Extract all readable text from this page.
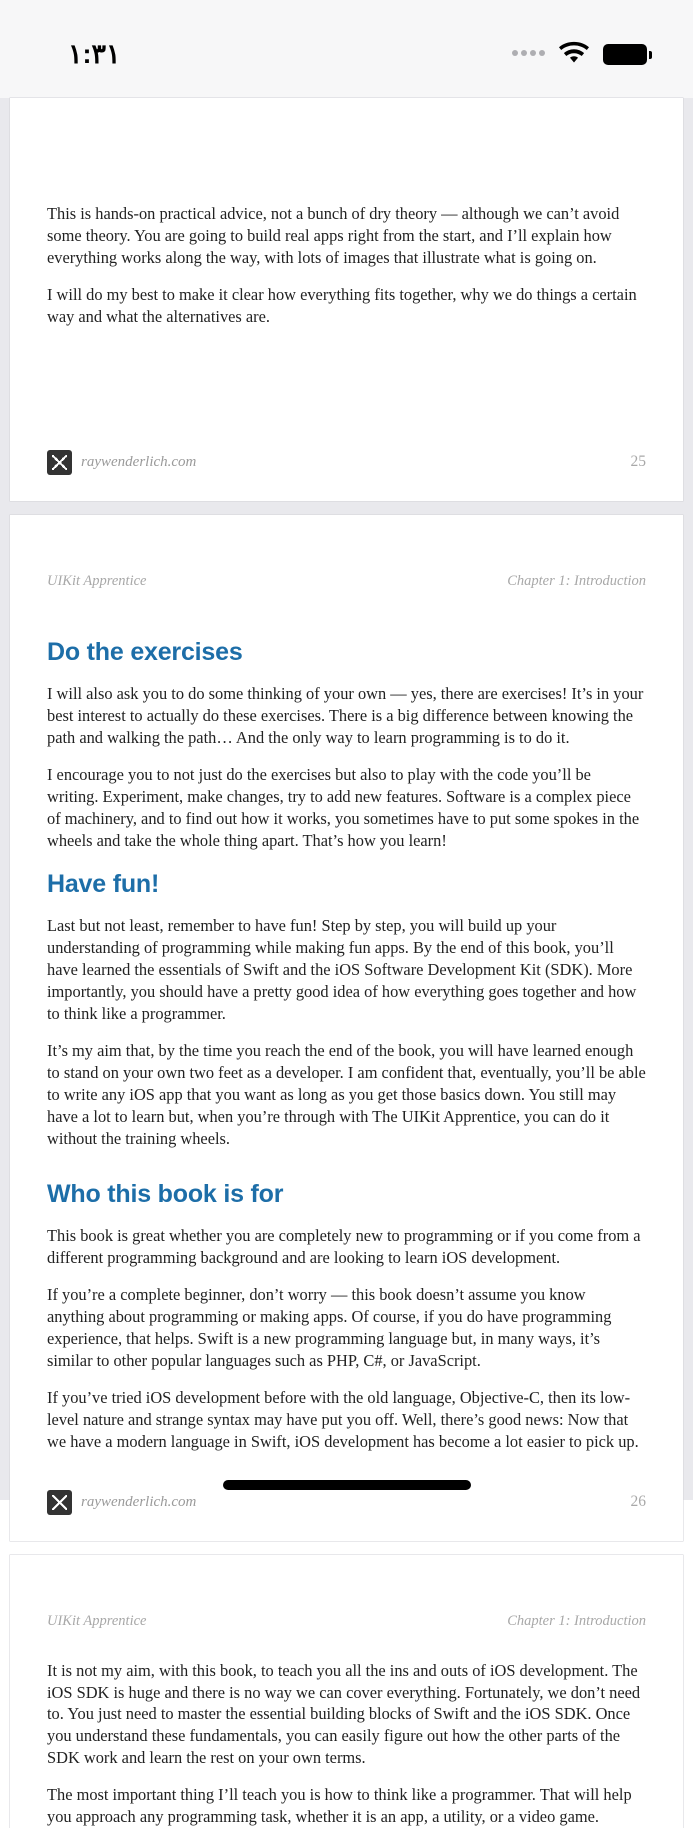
١:٣١

This is hands-on practical advice, not a bunch of dry theory — although we can’t avoid some theory. You are going to build real apps right from the start, and I’ll explain how everything works along the way, with lots of images that illustrate what is going on.

I will do my best to make it clear how everything fits together, why we do things a certain way and what the alternatives are.

raywenderlich.com	25
UIKit Apprentice	Chapter 1: Introduction
Do the exercises

I will also ask you to do some thinking of your own — yes, there are exercises! It’s in your best interest to actually do these exercises. There is a big difference between knowing the path and walking the path… And the only way to learn programming is to do it.

I encourage you to not just do the exercises but also to play with the code you’ll be writing. Experiment, make changes, try to add new features. Software is a complex piece of machinery, and to find out how it works, you sometimes have to put some spokes in the wheels and take the whole thing apart. That’s how you learn!

Have fun!

Last but not least, remember to have fun! Step by step, you will build up your understanding of programming while making fun apps. By the end of this book, you’ll have learned the essentials of Swift and the iOS Software Development Kit (SDK). More importantly, you should have a pretty good idea of how everything goes together and how to think like a programmer.

It’s my aim that, by the time you reach the end of the book, you will have learned enough to stand on your own two feet as a developer. I am confident that, eventually, you’ll be able to write any iOS app that you want as long as you get those basics down. You still may have a lot to learn but, when you’re through with The UIKit Apprentice, you can do it without the training wheels.

Who this book is for

This book is great whether you are completely new to programming or if you come from a different programming background and are looking to learn iOS development.

If you’re a complete beginner, don’t worry — this book doesn’t assume you know anything about programming or making apps. Of course, if you do have programming experience, that helps. Swift is a new programming language but, in many ways, it’s similar to other popular languages such as PHP, C#, or JavaScript.

If you’ve tried iOS development before with the old language, Objective-C, then its low-level nature and strange syntax may have put you off. Well, there’s good news: Now that we have a modern language in Swift, iOS development has become a lot easier to pick up.

raywenderlich.com	26
UIKit Apprentice	Chapter 1: Introduction

It is not my aim, with this book, to teach you all the ins and outs of iOS development. The iOS SDK is huge and there is no way we can cover everything. Fortunately, we don’t need to. You just need to master the essential building blocks of Swift and the iOS SDK. Once you understand these fundamentals, you can easily figure out how the other parts of the SDK work and learn the rest on your own terms.

The most important thing I’ll teach you is how to think like a programmer. That will help you approach any programming task, whether it is an app, a utility, or a video game.
